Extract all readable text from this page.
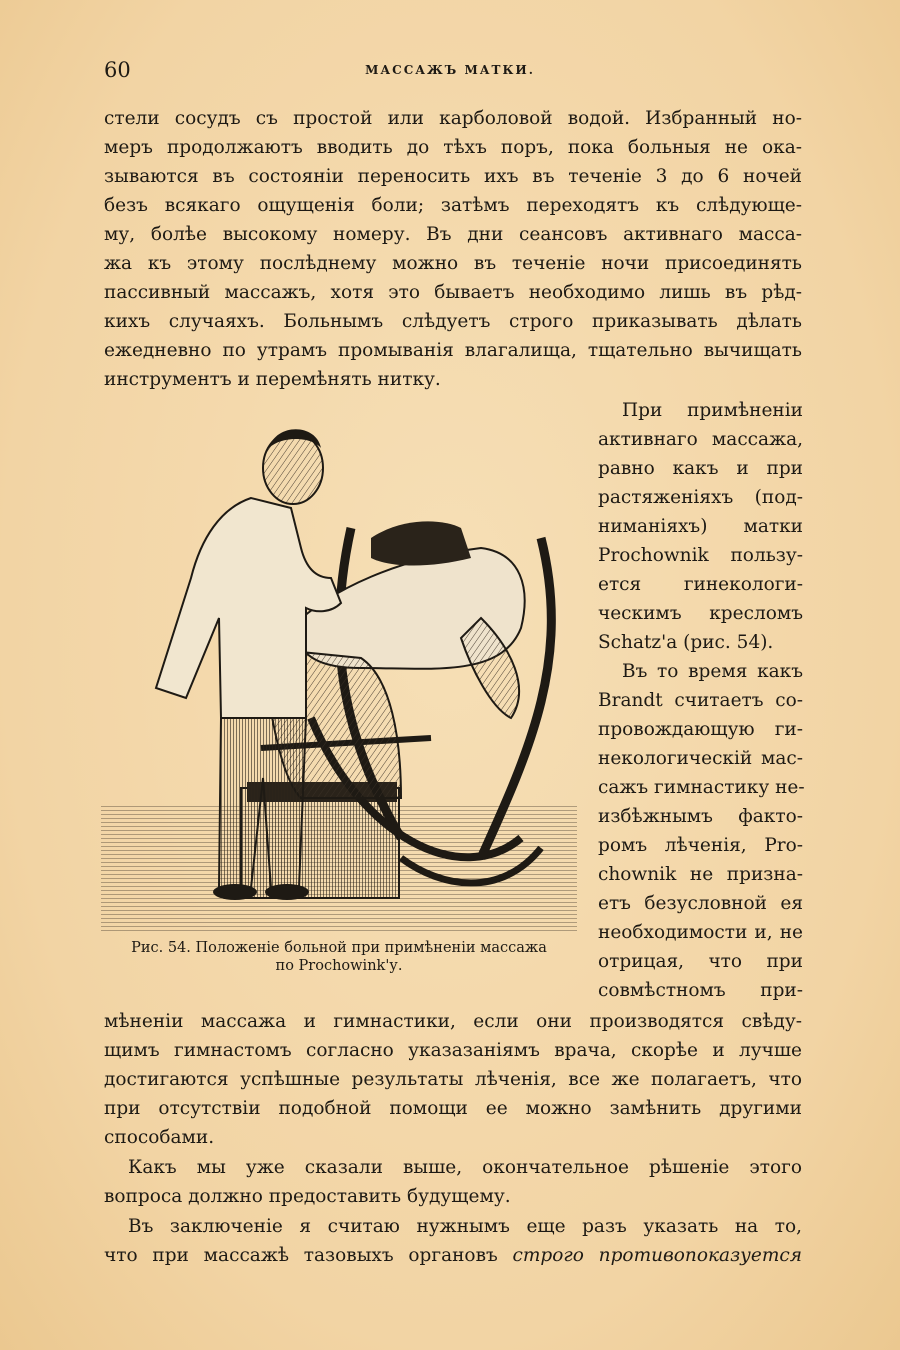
60	МАССАЖЪ МАТКИ.
стели сосудъ съ простой или карболовой водой. Избранный но-
меръ продолжаютъ вводить до тѣхъ поръ, пока больныя не ока-
зываются въ состояніи переносить ихъ въ теченіе 3 до 6 ночей
безъ всякаго ощущенія боли; затѣмъ переходятъ къ слѣдующе-
му, болѣе высокому номеру. Въ дни сеансовъ активнаго масса-
жа къ этому послѣднему можно въ теченіе ночи присоединять
пассивный массажъ, хотя это бываетъ необходимо лишь въ рѣд-
кихъ случаяхъ. Больнымъ слѣдуетъ строго приказывать дѣлать
ежедневно по утрамъ промыванія влагалища, тщательно вычищать
инструментъ и перемѣнять нитку.
При примѣненіи
активнаго массажа,
равно какъ и при
растяженіяхъ (под-
ниманіяхъ) матки
Prochownik пользу-
ется гинекологи-
ческимъ кресломъ
Schatz'a (рис. 54).
Въ то время какъ
Brandt считаетъ со-
провождающую ги-
некологическій мас-
сажъ гимнастику не-
избѣжнымъ факто-
ромъ лѣченія, Pro-
chownik не призна-
етъ безусловной ея
необходимости и, не
отрицая, что при
совмѣстномъ при-
Рис. 54. Положеніе больной при примѣненіи массажа
по Prochowink'у.
мѣненіи массажа и гимнастики, если они производятся свѣду-
щимъ гимнастомъ согласно указазаніямъ врача, скорѣе и лучше
достигаются успѣшные результаты лѣченія, все же полагаетъ, что
при отсутствіи подобной помощи ее можно замѣнить другими
способами.
Какъ мы уже сказали выше, окончательное рѣшеніе этого
вопроса должно предоставить будущему.
Въ заключеніе я считаю нужнымъ еще разъ указать на то,
что при массажѣ тазовыхъ органовъ строго противопоказуется
